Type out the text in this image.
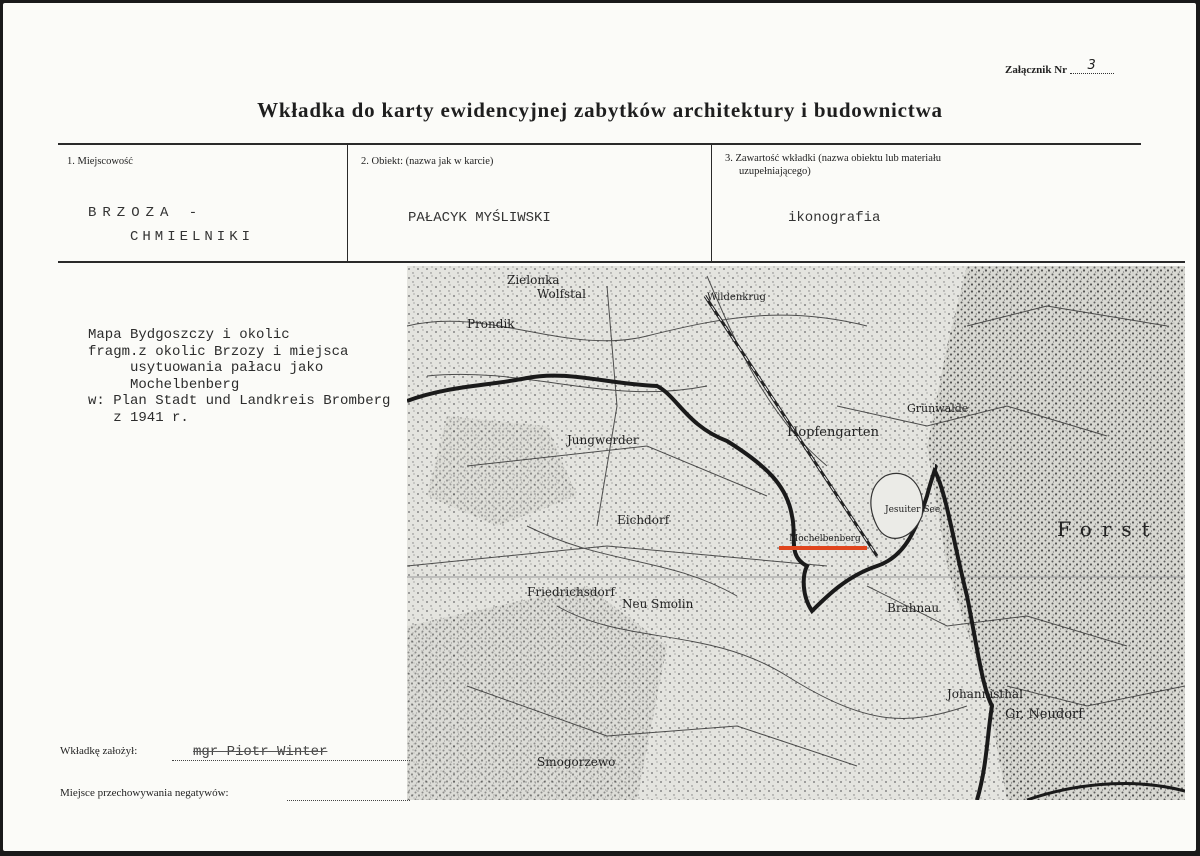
Załącznik Nr 3
Wkładka do karty ewidencyjnej zabytków architektury i budownictwa
1. Miejscowość
BRZOZA -
CHMIELNIKI
2. Obiekt: (nazwa jak w karcie)
PAŁACYK MYŚLIWSKI
3. Zawartość wkładki (nazwa obiektu lub materiału
uzupełniającego)
ikonografia
Mapa Bydgoszczy i okolic
fragm.z okolic Brzozy i miejsca
usytuowania pałacu jako
Mochelbenberg
w: Plan Stadt und Landkreis Bromberg
z 1941 r.
Zielonka
Wolfstal
Prondik
Wildenkrug
Hopfengarten
Grünwalde
Jungwerder
Eichdorf
Mochelbenberg
Jesuiter See
Friedrichsdorf
Neu Smolin	Brahnau
Johannisthal
Gr. Neudorf
Smogorzewo
Forst
Wkładkę założył:	mgr Piotr Winter
Miejsce przechowywania negatywów:
